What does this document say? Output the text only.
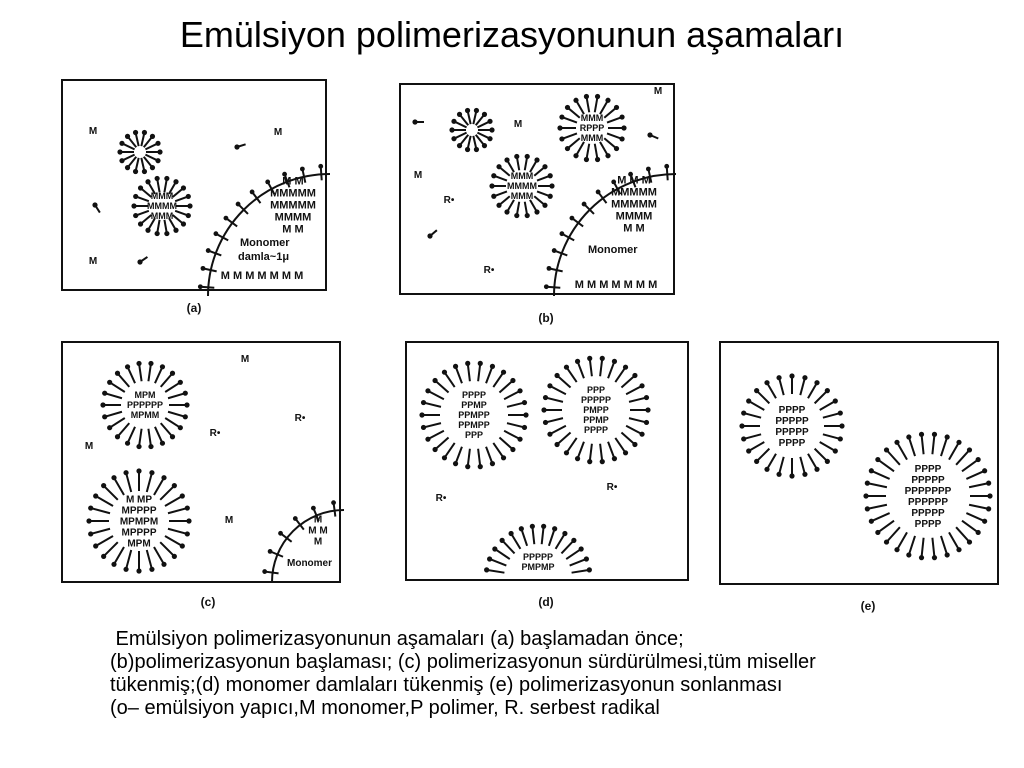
Emülsiyon polimerizasyonunun aşamaları
(a)
(b)
(c)	(d)	(e)
Monomer
damla~1μ
Monomer
Monomer
MMM
MMMM
MMM
M	M
M
M M
MMMMM
MMMMM
MMMM
M M
M M M M M M M
MMM
RPPP
MMM
MMM
MMMM
MMM
M
M
M
R•
R•
M M M
MMMMM
MMMMM
MMMM
M M
M M M M M M M
MPM
PPPPPP
MPMM
M MP
MPPPP
MPMPM
MPPPP
MPM
M
M
M
R•
R•
M
M M
M
PPPP
PPMP
PPMPP
PPMPP
PPP
PPP
PPPPP
PMPP
PPMP
PPPP
PPPPP
PMPMP
R•
R•
PPPP
PPPPP
PPPPP
PPPP
PPPP
PPPPP
PPPPPPP
PPPPPP
PPPPP
PPPP
Emülsiyon polimerizasyonunun aşamaları (a) başlamadan önce;
(b)polimerizasyonun başlaması; (c) polimerizasyonun sürdürülmesi,tüm miseller
tükenmiş;(d) monomer damlaları tükenmiş (e) polimerizasyonun sonlanması
(o– emülsiyon yapıcı,M monomer,P polimer, R. serbest radikal
